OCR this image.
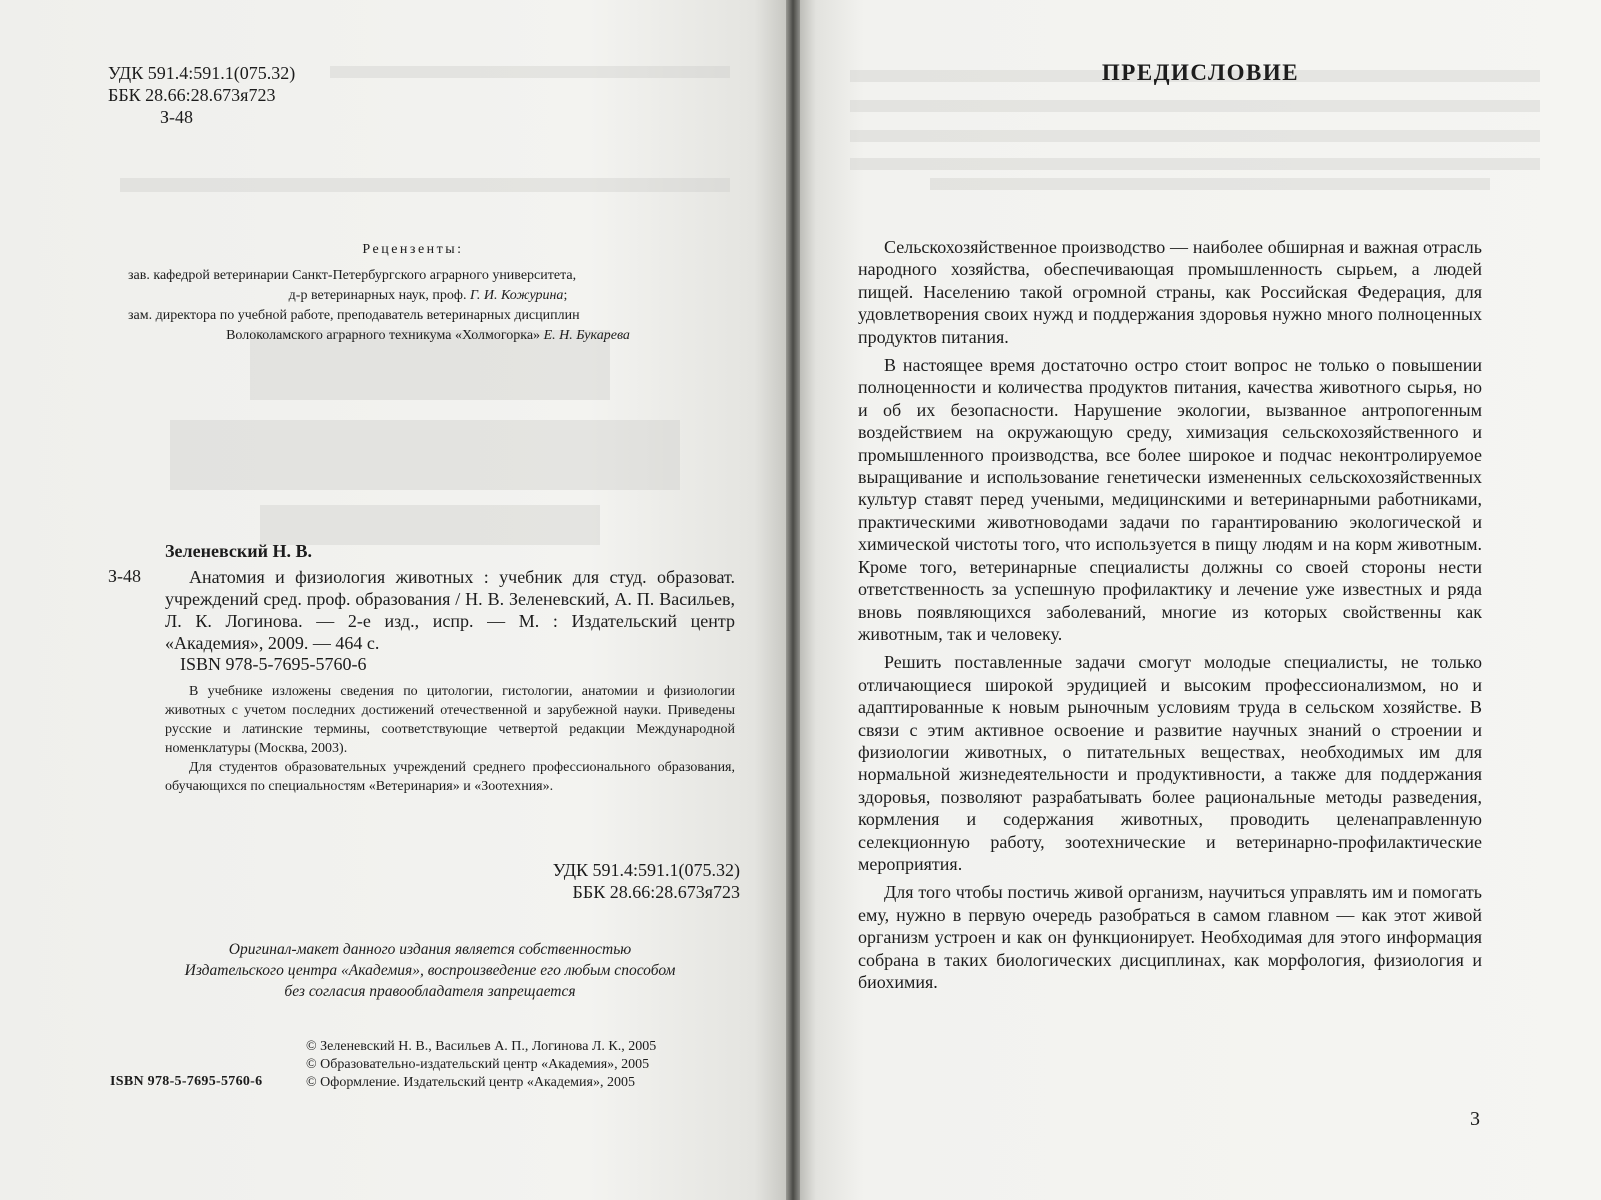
УДК 591.4:591.1(075.32)
ББК 28.66:28.673я723
З-48
Рецензенты:
зав. кафедрой ветеринарии Санкт-Петербургского аграрного университета,
д-р ветеринарных наук, проф. Г. И. Кожурина;
зам. директора по учебной работе, преподаватель ветеринарных дисциплин
Волоколамского аграрного техникума «Холмогорка» Е. Н. Букарева
Зеленевский Н. В.
З-48	Анатомия и физиология животных : учебник для студ. образоват. учреждений сред. проф. образования / Н. В. Зеленевский, А. П. Васильев, Л. К. Логинова. — 2-е изд., испр. — М. : Издательский центр «Академия», 2009. — 464 с.
ISBN 978-5-7695-5760-6

В учебнике изложены сведения по цитологии, гистологии, анатомии и физиологии животных с учетом последних достижений отечественной и зарубежной науки. Приведены русские и латинские термины, соответствующие четвертой редакции Международной номенклатуры (Москва, 2003).

Для студентов образовательных учреждений среднего профессионального образования, обучающихся по специальностям «Ветеринария» и «Зоотехния».

УДК 591.4:591.1(075.32)
ББК 28.66:28.673я723
Оригинал-макет данного издания является собственностью
Издательского центра «Академия», воспроизведение его любым способом
без согласия правообладателя запрещается
© Зеленевский Н. В., Васильев А. П., Логинова Л. К., 2005
© Образовательно-издательский центр «Академия», 2005
© Оформление. Издательский центр «Академия», 2005
ISBN 978-5-7695-5760-6
ПРЕДИСЛОВИЕ

Сельскохозяйственное производство — наиболее обширная и важная отрасль народного хозяйства, обеспечивающая промышленность сырьем, а людей пищей. Населению такой огромной страны, как Российская Федерация, для удовлетворения своих нужд и поддержания здоровья нужно много полноценных продуктов питания.

В настоящее время достаточно остро стоит вопрос не только о повышении полноценности и количества продуктов питания, качества животного сырья, но и об их безопасности. Нарушение экологии, вызванное антропогенным воздействием на окружающую среду, химизация сельскохозяйственного и промышленного производства, все более широкое и подчас неконтролируемое выращивание и использование генетически измененных сельскохозяйственных культур ставят перед учеными, медицинскими и ветеринарными работниками, практическими животноводами задачи по гарантированию экологической и химической чистоты того, что используется в пищу людям и на корм животным. Кроме того, ветеринарные специалисты должны со своей стороны нести ответственность за успешную профилактику и лечение уже известных и ряда вновь появляющихся заболеваний, многие из которых свойственны как животным, так и человеку.

Решить поставленные задачи смогут молодые специалисты, не только отличающиеся широкой эрудицией и высоким профессионализмом, но и адаптированные к новым рыночным условиям труда в сельском хозяйстве. В связи с этим активное освоение и развитие научных знаний о строении и физиологии животных, о питательных веществах, необходимых им для нормальной жизнедеятельности и продуктивности, а также для поддержания здоровья, позволяют разрабатывать более рациональные методы разведения, кормления и содержания животных, проводить целенаправленную селекционную работу, зоотехнические и ветеринарно-профилактические мероприятия.

Для того чтобы постичь живой организм, научиться управлять им и помогать ему, нужно в первую очередь разобраться в самом главном — как этот живой организм устроен и как он функционирует. Необходимая для этого информация собрана в таких биологических дисциплинах, как морфология, физиология и биохимия.

3
